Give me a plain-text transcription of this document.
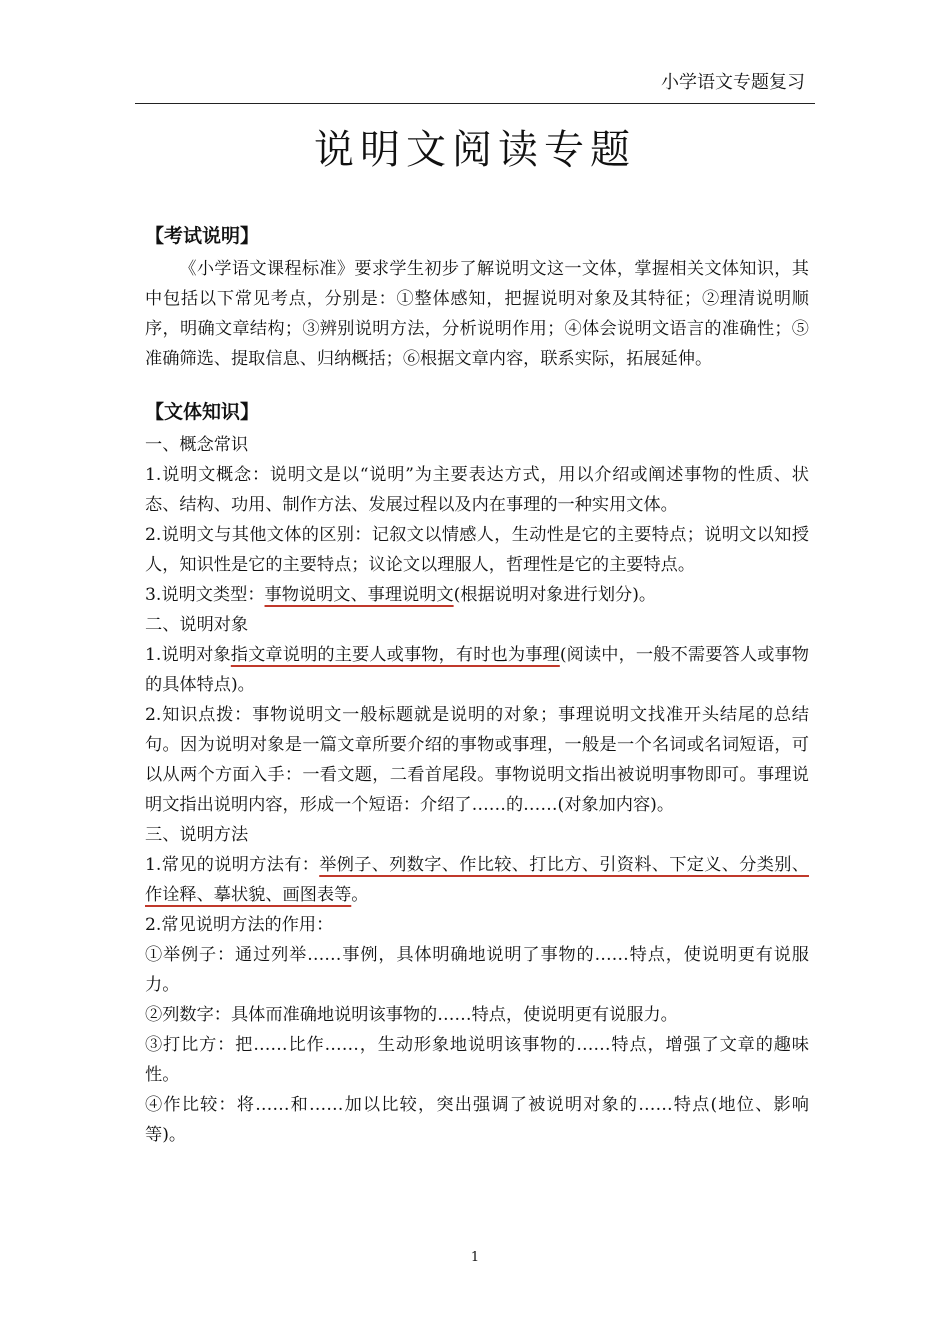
小学语文专题复习
说明文阅读专题

【考试说明】

《小学语文课程标准》要求学生初步了解说明文这一文体，掌握相关文体知识，其中包括以下常见考点，分别是：①整体感知，把握说明对象及其特征；②理清说明顺序，明确文章结构；③辨别说明方法，分析说明作用；④体会说明文语言的准确性；⑤准确筛选、提取信息、归纳概括；⑥根据文章内容，联系实际，拓展延伸。

【文体知识】

一、概念常识

1.说明文概念：说明文是以“说明”为主要表达方式，用以介绍或阐述事物的性质、状态、结构、功用、制作方法、发展过程以及内在事理的一种实用文体。

2.说明文与其他文体的区别：记叙文以情感人，生动性是它的主要特点；说明文以知授人，知识性是它的主要特点；议论文以理服人，哲理性是它的主要特点。

3.说明文类型：事物说明文、事理说明文(根据说明对象进行划分)。

二、说明对象

1.说明对象指文章说明的主要人或事物，有时也为事理(阅读中，一般不需要答人或事物的具体特点)。

2.知识点拨：事物说明文一般标题就是说明的对象；事理说明文找准开头结尾的总结句。因为说明对象是一篇文章所要介绍的事物或事理，一般是一个名词或名词短语，可以从两个方面入手：一看文题，二看首尾段。事物说明文指出被说明事物即可。事理说明文指出说明内容，形成一个短语：介绍了……的……(对象加内容)。

三、说明方法

1.常见的说明方法有：举例子、列数字、作比较、打比方、引资料、下定义、分类别、作诠释、摹状貌、画图表等。

2.常见说明方法的作用：

①举例子：通过列举……事例，具体明确地说明了事物的……特点，使说明更有说服力。

②列数字：具体而准确地说明该事物的……特点，使说明更有说服力。

③打比方：把……比作……，生动形象地说明该事物的……特点，增强了文章的趣味性。

④作比较：将……和……加以比较，突出强调了被说明对象的……特点(地位、影响等)。

1
